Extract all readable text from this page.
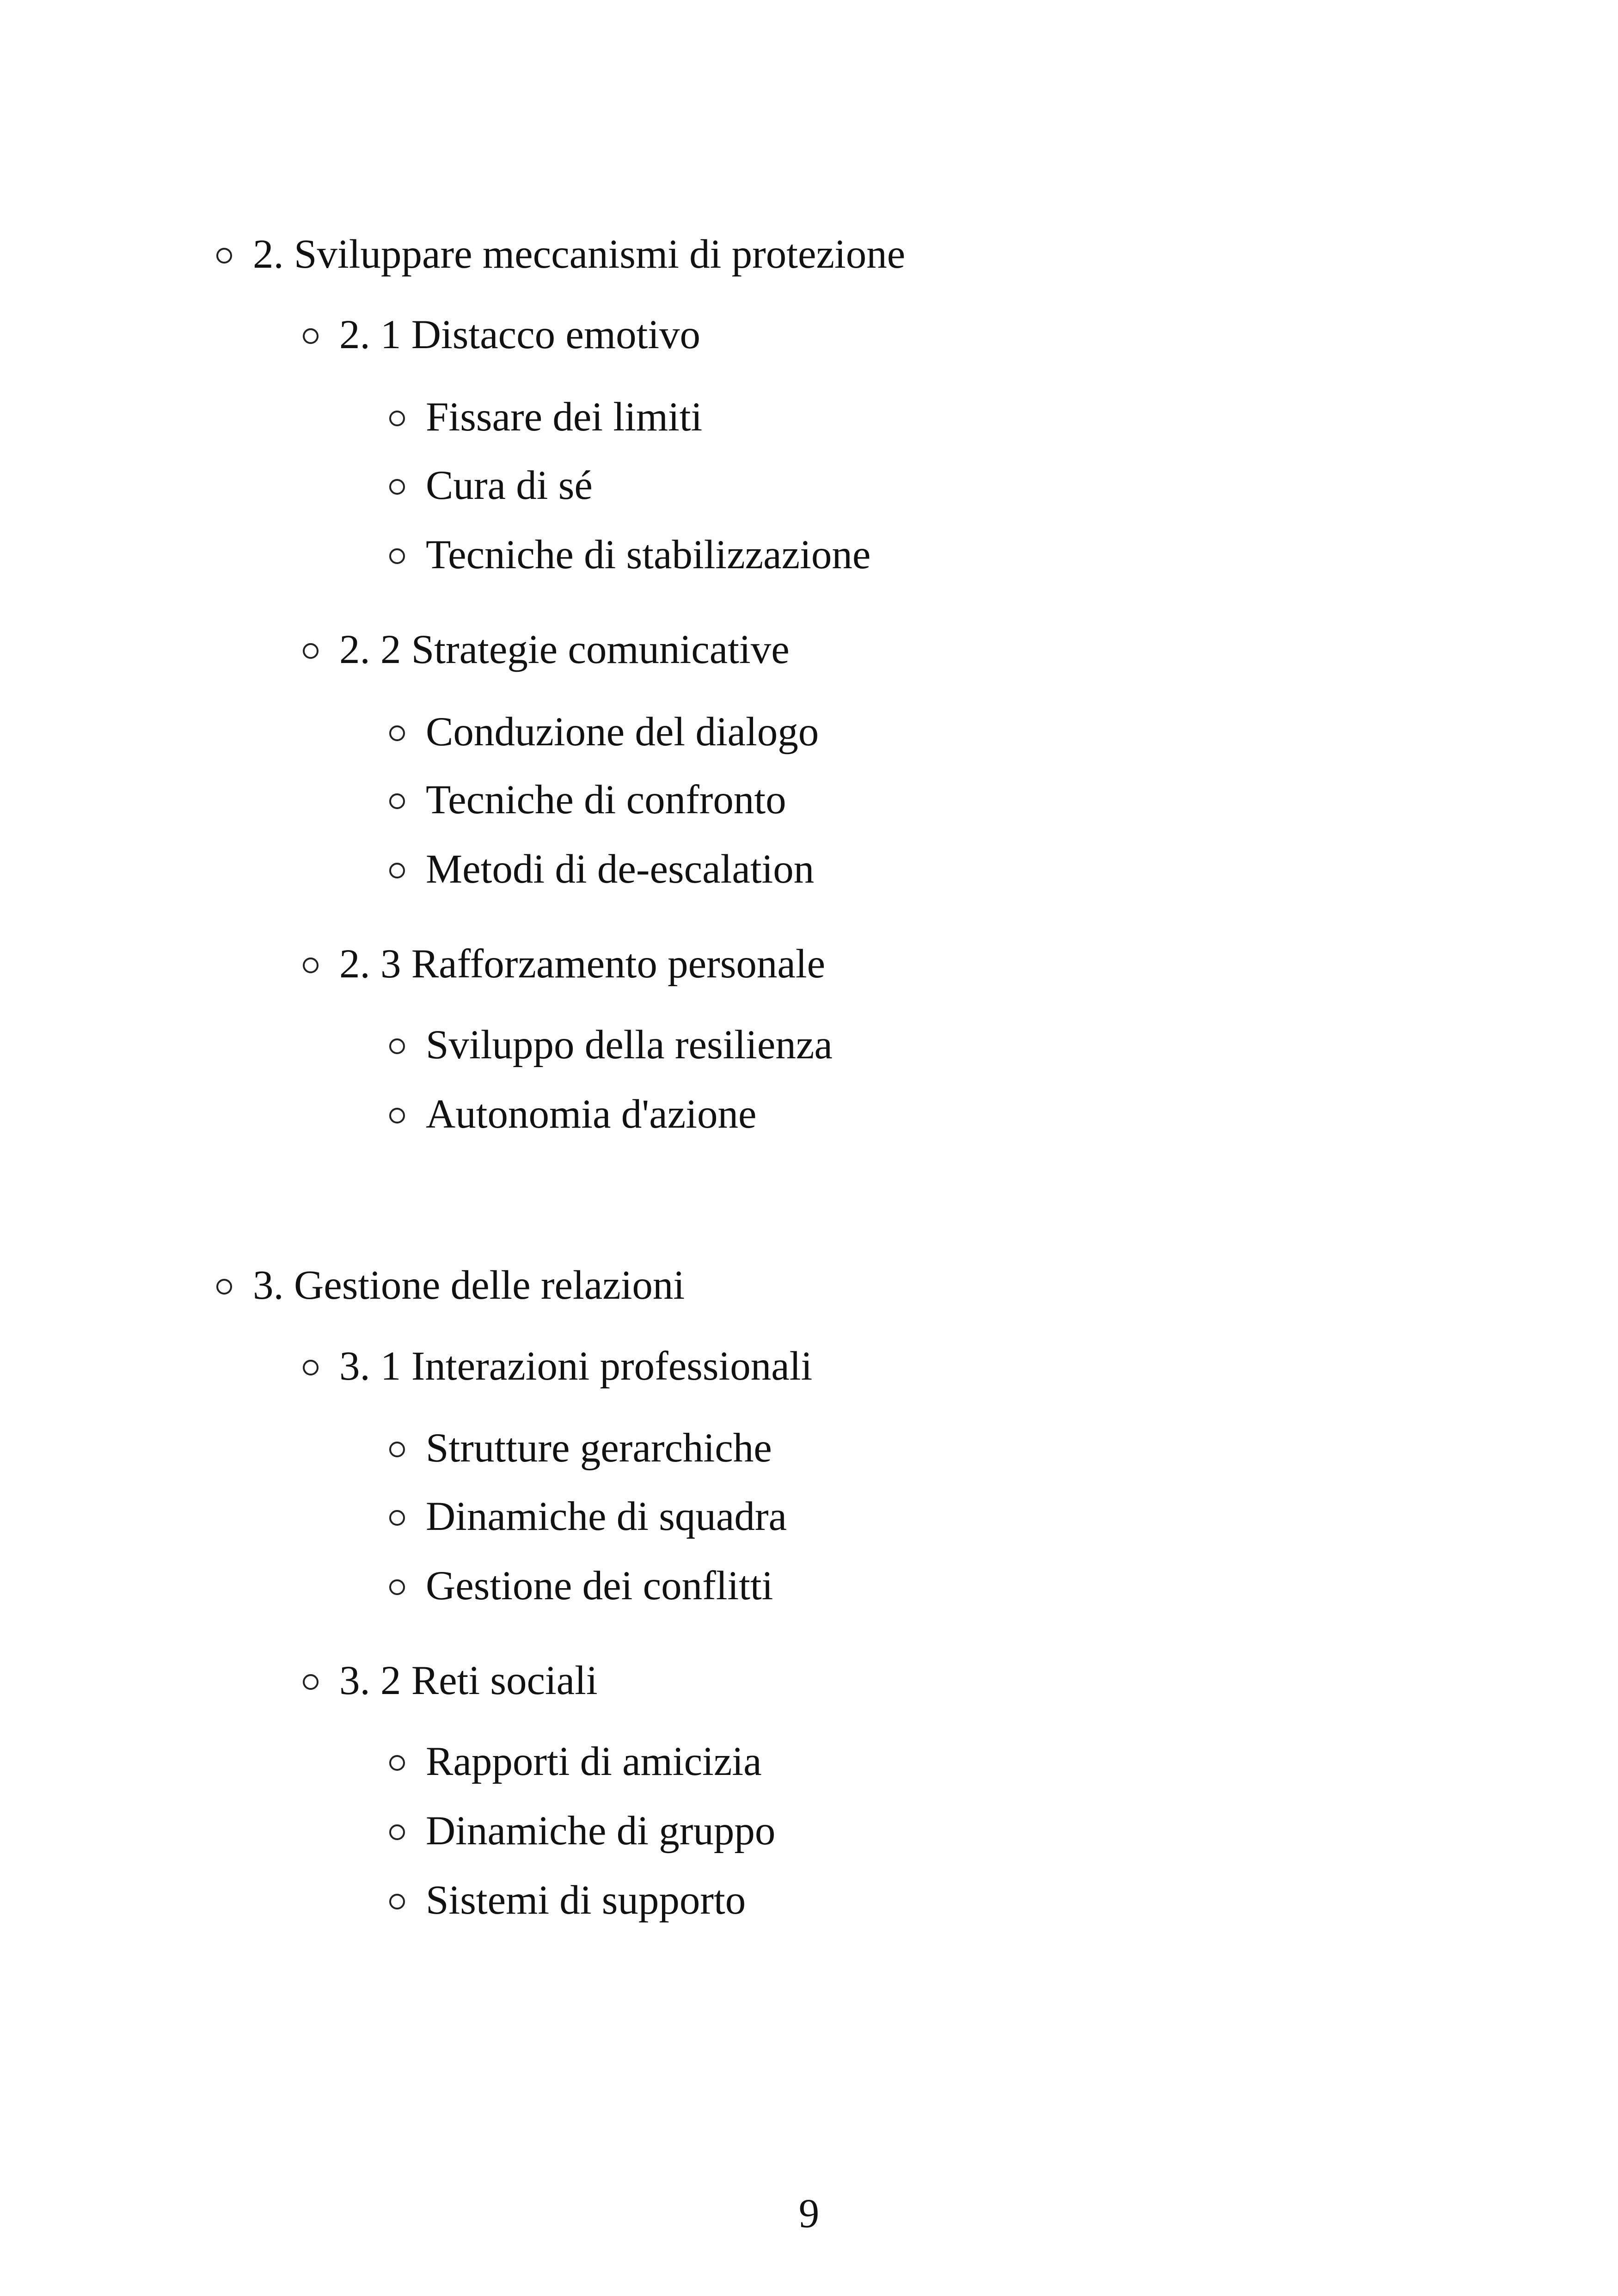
2. Sviluppare meccanismi di protezione
2. 1 Distacco emotivo
Fissare dei limiti
Cura di sé
Tecniche di stabilizzazione
2. 2 Strategie comunicative
Conduzione del dialogo
Tecniche di confronto
Metodi di de-escalation
2. 3 Rafforzamento personale
Sviluppo della resilienza
Autonomia d'azione
3. Gestione delle relazioni
3. 1 Interazioni professionali
Strutture gerarchiche
Dinamiche di squadra
Gestione dei conflitti
3. 2 Reti sociali
Rapporti di amicizia
Dinamiche di gruppo
Sistemi di supporto
9
